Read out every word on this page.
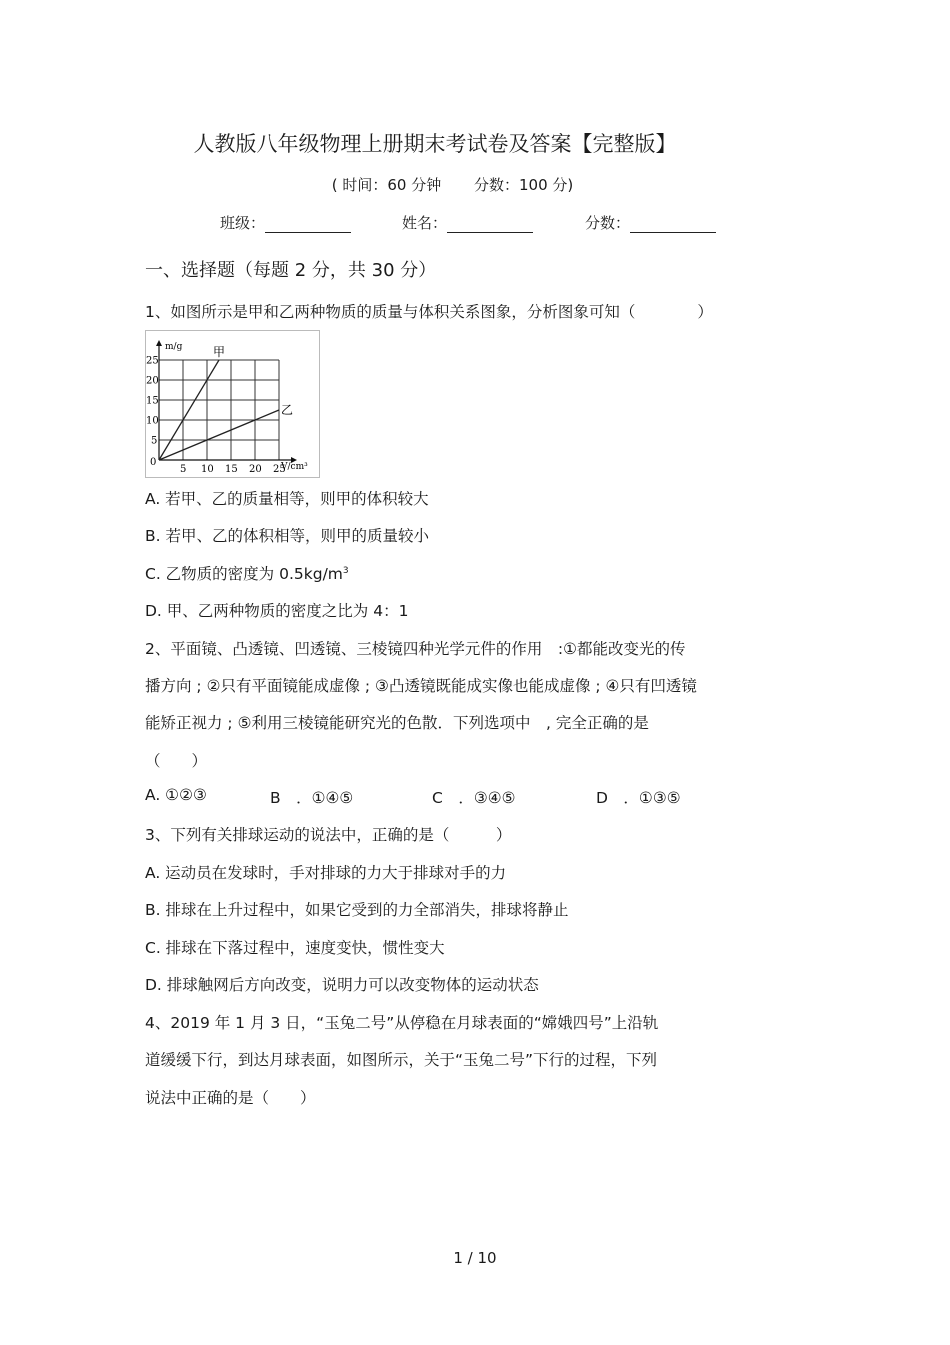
人教版八年级物理上册期末考试卷及答案【完整版】
( 时间：60 分钟 分数：100 分)
班级：	姓名：	分数：
一、选择题（每题 2 分，共 30 分）
1、如图所示是甲和乙两种物质的质量与体积关系图象，分析图象可知（　　　　）
m/g
V/cm³
0
5 10 15 20 25
5
10
15
20
25
甲
乙
A. 若甲、乙的质量相等，则甲的体积较大
B. 若甲、乙的体积相等，则甲的质量较小
C. 乙物质的密度为 $0.5kg/m^3$
D. 甲、乙两种物质的密度之比为 4：1
2、平面镜、凸透镜、凹透镜、三棱镜四种光学元件的作用　:①都能改变光的传
播方向 ; ②只有平面镜能成虚像 ; ③凸透镜既能成实像也能成虚像 ; ④只有凹透镜
能矫正视力 ; ⑤利用三棱镜能研究光的色散．下列选项中　, 完全正确的是
（　　）
A. ①②③	B　．①④⑤	C　．③④⑤	D　．①③⑤
3、下列有关排球运动的说法中，正确的是（　　　）
A. 运动员在发球时，手对排球的力大于排球对手的力
B. 排球在上升过程中，如果它受到的力全部消失，排球将静止
C. 排球在下落过程中，速度变快，惯性变大
D. 排球触网后方向改变，说明力可以改变物体的运动状态
4、2019 年 1 月 3 日，“玉兔二号”从停稳在月球表面的“嫦娥四号”上沿轨
道缓缓下行，到达月球表面，如图所示，关于“玉兔二号”下行的过程，下列
说法中正确的是（　　）
1 / 10
